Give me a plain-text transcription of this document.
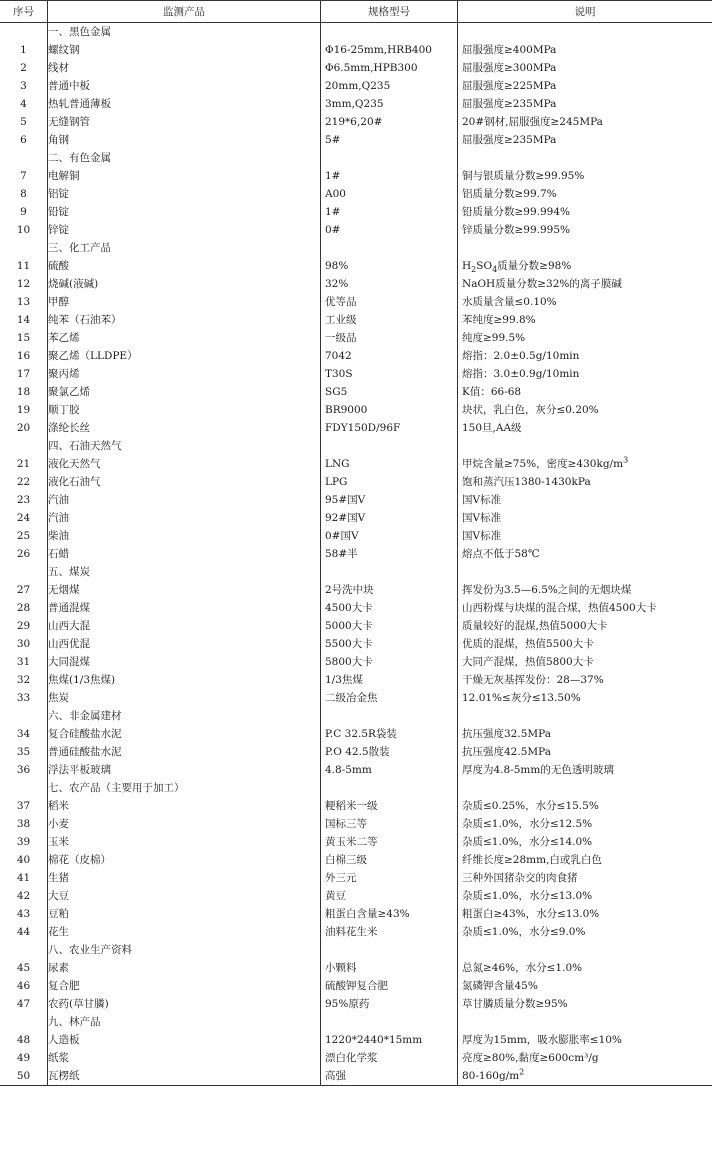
序号	监测产品	规格型号	说明
	一、黑色金属		
1	螺纹钢	Φ16-25mm,HRB400	屈服强度≥400MPa
2	线材	Φ6.5mm,HPB300	屈服强度≥300MPa
3	普通中板	20mm,Q235	屈服强度≥225MPa
4	热轧普通薄板	3mm,Q235	屈服强度≥235MPa
5	无缝钢管	219*6,20#	20#钢材,屈服强度≥245MPa
6	角钢	5#	屈服强度≥235MPa
	二、有色金属		
7	电解铜	1#	铜与银质量分数≥99.95%
8	铝锭	A00	铝质量分数≥99.7%
9	铅锭	1#	铅质量分数≥99.994%
10	锌锭	0#	锌质量分数≥99.995%
	三、化工产品		
11	硫酸	98%	$H_2SO_4$质量分数≥98%
12	烧碱(液碱)	32%	NaOH质量分数≥32%的离子膜碱
13	甲醇	优等品	水质量含量≤0.10%
14	纯苯（石油苯）	工业级	苯纯度≥99.8%
15	苯乙烯	一级品	纯度≥99.5%
16	聚乙烯（LLDPE）	7042	熔指：2.0±0.5g/10min
17	聚丙烯	T30S	熔指：3.0±0.9g/10min
18	聚氯乙烯	SG5	K值：66-68
19	顺丁胶	BR9000	块状，乳白色，灰分≤0.20%
20	涤纶长丝	FDY150D/96F	150旦,AA级
	四、石油天然气		
21	液化天然气	LNG	甲烷含量≥75%，密度$\ge 430kg/m^3$
22	液化石油气	LPG	饱和蒸汽压1380-1430kPa
23	汽油	95#国Ⅴ	国Ⅴ标准
24	汽油	92#国Ⅴ	国Ⅴ标准
25	柴油	0#国Ⅴ	国Ⅴ标准
26	石蜡	58#半	熔点不低于58℃
	五、煤炭		
27	无烟煤	2号洗中块	挥发份为3.5—6.5%之间的无烟块煤
28	普通混煤	4500大卡	山西粉煤与块煤的混合煤，热值4500大卡
29	山西大混	5000大卡	质量较好的混煤,热值5000大卡
30	山西优混	5500大卡	优质的混煤，热值5500大卡
31	大同混煤	5800大卡	大同产混煤，热值5800大卡
32	焦煤(1/3焦煤)	1/3焦煤	干燥无灰基挥发份：28—37%
33	焦炭	二级冶金焦	12.01%≤灰分≤13.50%
	六、非金属建材		
34	复合硅酸盐水泥	P.C 32.5R袋装	抗压强度32.5MPa
35	普通硅酸盐水泥	P.O 42.5散装	抗压强度42.5MPa
36	浮法平板玻璃	4.8-5mm	厚度为4.8-5mm的无色透明玻璃
	七、农产品（主要用于加工）		
37	稻米	粳稻米一级	杂质≤0.25%，水分≤15.5%
38	小麦	国标三等	杂质≤1.0%，水分≤12.5%
39	玉米	黄玉米二等	杂质≤1.0%，水分≤14.0%
40	棉花（皮棉）	白棉三级	纤维长度≥28mm,白或乳白色
41	生猪	外三元	三种外国猪杂交的肉食猪
42	大豆	黄豆	杂质≤1.0%，水分≤13.0%
43	豆粕	粗蛋白含量≥43%	粗蛋白≥43%，水分≤13.0%
44	花生	油料花生米	杂质≤1.0%，水分≤9.0%
	八、农业生产资料		
45	尿素	小颗料	总氮≥46%，水分≤1.0%
46	复合肥	硫酸钾复合肥	氮磷钾含量45%
47	农药(草甘膦)	95%原药	草甘膦质量分数≥95%
	九、林产品		
48	人造板	1220*2440*15mm	厚度为15mm，吸水膨胀率≤10%
49	纸浆	漂白化学浆	亮度≥80%,黏度≥600cm³/g
50	瓦楞纸	高强	$80-160g/m^2$
